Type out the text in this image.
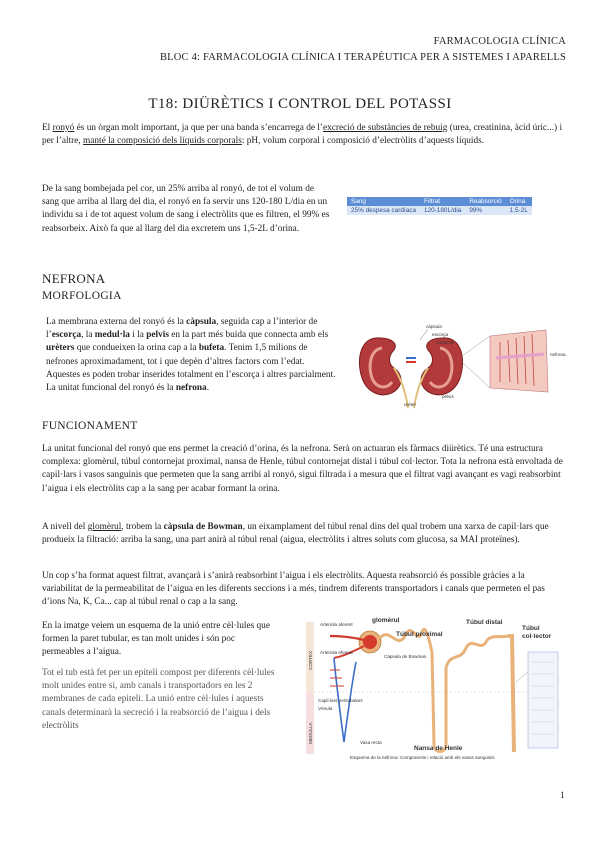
FARMACOLOGIA CLÍNICA
BLOC 4: FARMACOLOGIA CLÍNICA I TERAPÈUTICA PER A SISTEMES I APARELLS
T18: DIÜRÈTICS I CONTROL DEL POTASSI
El ronyó és un òrgan molt important, ja que per una banda s’encarrega de l’excreció de substàncies de rebuig (urea, creatinina, àcid úric...) i per l’altre, manté la composició dels líquids corporals: pH, volum corporal i composició d’electròlits d’aquests líquids.
De la sang bombejada pel cor, un 25% arriba al ronyó, de tot el volum de sang que arriba al llarg del dia, el ronyó en fa servir uns 120-180 L/dia en un individu sa i de tot aquest volum de sang i electròlits que es filtren, el 99% es reabsorbeix. Això fa que al llarg del dia excretem uns 1,5-2L d’orina.
Sang	Filtrat	Reabsorció	Orina
25% despesa cardíaca	120-180L/dia	99%	1,5-2L
NEFRONA
MORFOLOGIA
La membrana externa del ronyó és la càpsula, seguida cap a l’interior de l’escorça, la medul·la i la pelvis en la part més buida que connecta amb els urèters que condueixen la orina cap a la bufeta. Tenim 1,5 milions de nefrones aproximadament, tot i que depèn d’altres factors com l’edat. Aquestes es poden trobar inserides totalment en l’escorça i altres parcialment. La unitat funcional del ronyó és la nefrona.
càpsula
escorça
medul·la
pelvis
urèter
nefrona
FUNCIONAMENT
La unitat funcional del ronyó que ens permet la creació d’orina, és la nefrona. Serà on actuaran els fàrmacs diürètics. Té una estructura complexa: glomèrul, túbul contornejat proximal, nansa de Henle, túbul contornejat distal i túbul col·lector. Tota la nefrona està envoltada de capil·lars i vasos sanguinis que permeten que la sang arribi al ronyó, sigui filtrada i a mesura que el filtrat vagi avançant es vagi reabsorbint l’aigua i els electròlits cap a la sang per acabar formant la orina.
A nivell del glomèrul, trobem la càpsula de Bowman, un eixamplament del túbul renal dins del qual trobem una xarxa de capil·lars que produeix la filtració: arriba la sang, una part anirà al túbul renal (aigua, electròlits i altres soluts com glucosa, sa MAI proteïnes).
Un cop s’ha format aquest filtrat, avançarà i s’anirà reabsorbint l’aigua i els electròlits. Aquesta reabsorció és possible gràcies a la variabilitat de la permeabilitat de l’aigua en les diferents seccions i a més, tindrem diferents transportadors i canals que permeten el pas d’ions Na, K, Ca... cap al túbul renal o cap a la sang.
En la imatge veiem un esquema de la unió entre cèl·lules que formen la paret tubular, es tan molt unides i són poc permeables a l’aigua.
Tot el tub està fet per un epiteli compost per diferents cèl·lules molt unides entre si, amb canals i transportadors en les 2 membranes de cada epiteli. La unió entre cèl·lules i aquests canals determinarà la secreció i la reabsorció de l’aigua i dels electròlits
CORTEX
MEDULLA
glomèrul
Túbul proximal
Túbul distal
Túbul
col·lector
Nansa de Henle
Arteriola aferent
Arteriola eferent
Càpsula de Bowman
Capil·lars peritubulars
Vènula
Vasa recta
Esquema de la nefrona: Components i relació amb els vasos sanguinis
1
